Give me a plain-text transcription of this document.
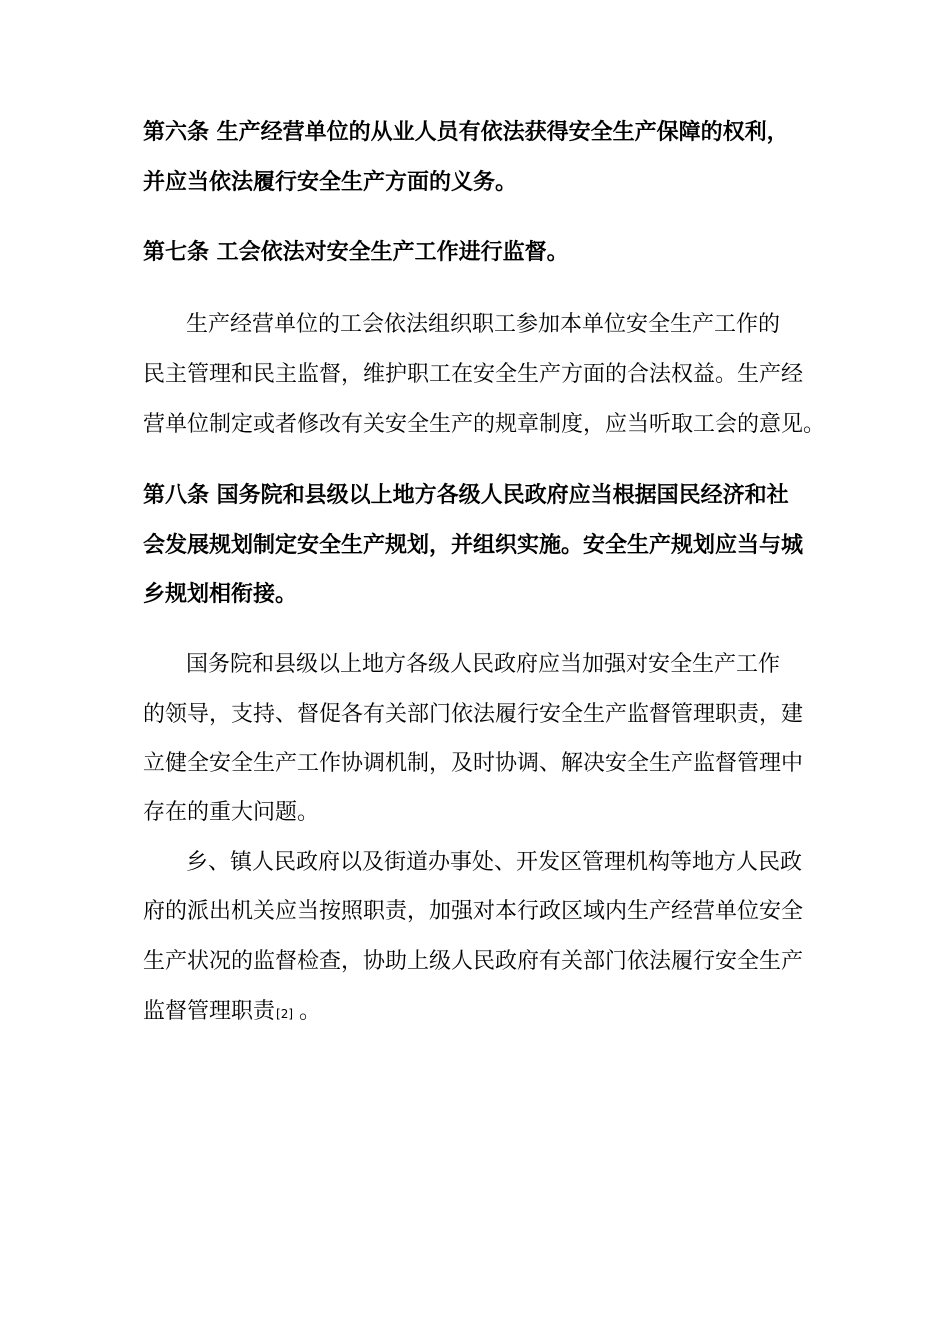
第六条 生产经营单位的从业人员有依法获得安全生产保障的权利，
并应当依法履行安全生产方面的义务。
第七条 工会依法对安全生产工作进行监督。
生产经营单位的工会依法组织职工参加本单位安全生产工作的
民主管理和民主监督，维护职工在安全生产方面的合法权益。生产经
营单位制定或者修改有关安全生产的规章制度，应当听取工会的意见。
第八条 国务院和县级以上地方各级人民政府应当根据国民经济和社
会发展规划制定安全生产规划，并组织实施。安全生产规划应当与城
乡规划相衔接。
国务院和县级以上地方各级人民政府应当加强对安全生产工作
的领导，支持、督促各有关部门依法履行安全生产监督管理职责，建
立健全安全生产工作协调机制，及时协调、解决安全生产监督管理中
存在的重大问题。
乡、镇人民政府以及街道办事处、开发区管理机构等地方人民政
府的派出机关应当按照职责，加强对本行政区域内生产经营单位安全
生产状况的监督检查，协助上级人民政府有关部门依法履行安全生产
监督管理职责[2] 。
